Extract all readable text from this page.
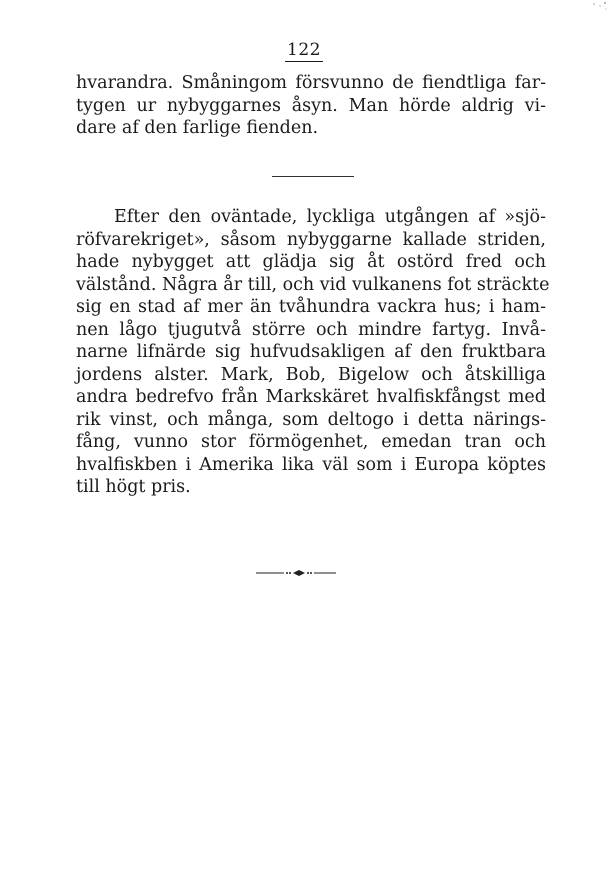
122
hvarandra. Småningom försvunno de fiendtliga far-
tygen ur nybyggarnes åsyn. Man hörde aldrig vi-
dare af den farlige fienden.
Efter den oväntade, lyckliga utgången af »sjö-
röfvarekriget», såsom nybyggarne kallade striden,
hade nybygget att glädja sig åt ostörd fred och
välstånd. Några år till, och vid vulkanens fot sträckte
sig en stad af mer än tvåhundra vackra hus; i ham-
nen lågo tjugutvå större och mindre fartyg. Invå-
narne lifnärde sig hufvudsakligen af den fruktbara
jordens alster. Mark, Bob, Bigelow och åtskilliga
andra bedrefvo från Markskäret hvalfiskfångst med
rik vinst, och många, som deltogo i detta närings-
fång, vunno stor förmögenhet, emedan tran och
hvalfiskben i Amerika lika väl som i Europa köptes
till högt pris.
